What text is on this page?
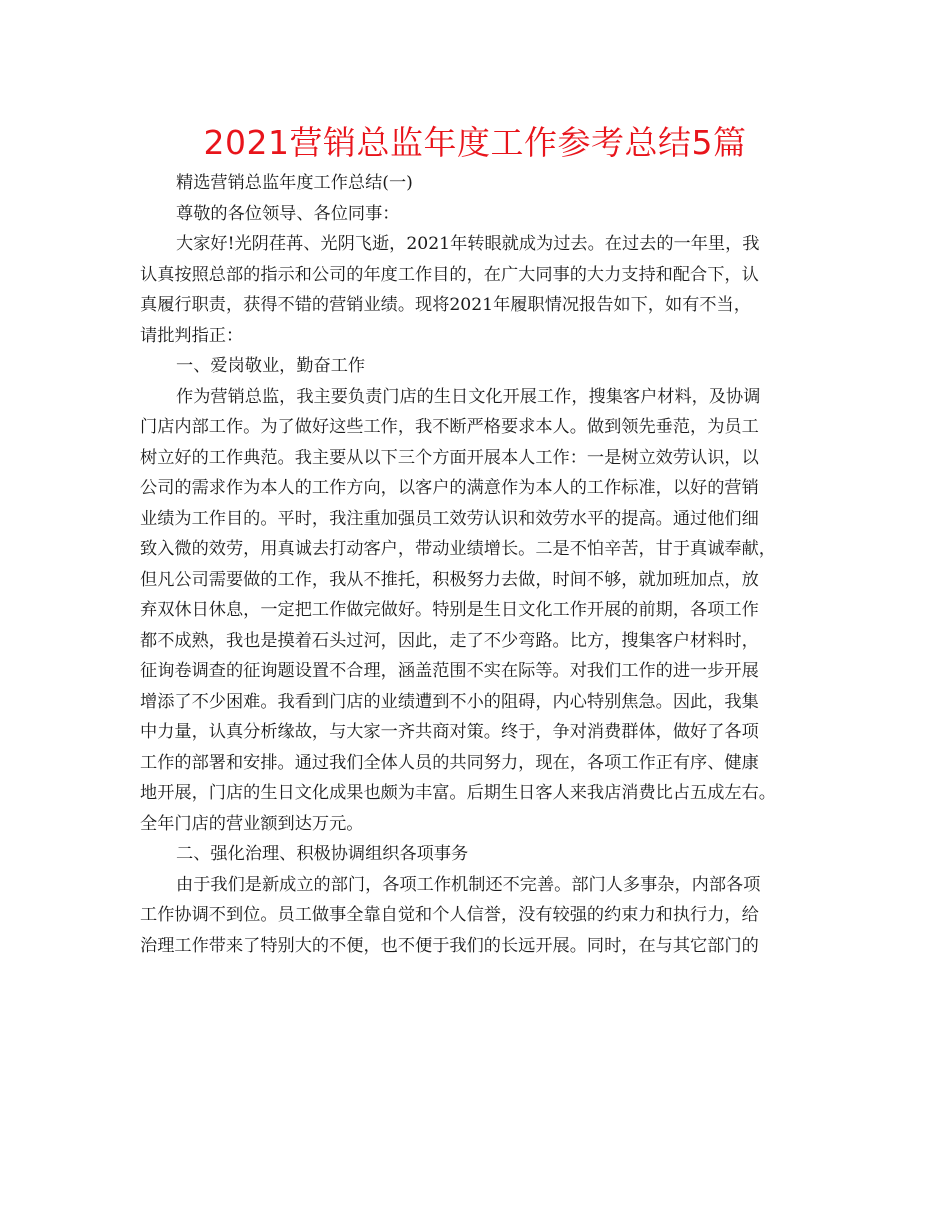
2021营销总监年度工作参考总结5篇

精选营销总监年度工作总结(一)

尊敬的各位领导、各位同事：

大家好!光阴荏苒、光阴飞逝，2021年转眼就成为过去。在过去的一年里，我

认真按照总部的指示和公司的年度工作目的，在广大同事的大力支持和配合下，认

真履行职责，获得不错的营销业绩。现将2021年履职情况报告如下，如有不当，

请批判指正：

一、爱岗敬业，勤奋工作

作为营销总监，我主要负责门店的生日文化开展工作，搜集客户材料，及协调

门店内部工作。为了做好这些工作，我不断严格要求本人。做到领先垂范，为员工

树立好的工作典范。我主要从以下三个方面开展本人工作：一是树立效劳认识，以

公司的需求作为本人的工作方向，以客户的满意作为本人的工作标准，以好的营销

业绩为工作目的。平时，我注重加强员工效劳认识和效劳水平的提高。通过他们细

致入微的效劳，用真诚去打动客户，带动业绩增长。二是不怕辛苦，甘于真诚奉献，

但凡公司需要做的工作，我从不推托，积极努力去做，时间不够，就加班加点，放

弃双休日休息，一定把工作做完做好。特别是生日文化工作开展的前期，各项工作

都不成熟，我也是摸着石头过河，因此，走了不少弯路。比方，搜集客户材料时，

征询卷调查的征询题设置不合理，涵盖范围不实在际等。对我们工作的进一步开展

增添了不少困难。我看到门店的业绩遭到不小的阻碍，内心特别焦急。因此，我集

中力量，认真分析缘故，与大家一齐共商对策。终于，争对消费群体，做好了各项

工作的部署和安排。通过我们全体人员的共同努力，现在，各项工作正有序、健康

地开展，门店的生日文化成果也颇为丰富。后期生日客人来我店消费比占五成左右。

全年门店的营业额到达万元。

二、强化治理、积极协调组织各项事务

由于我们是新成立的部门，各项工作机制还不完善。部门人多事杂，内部各项

工作协调不到位。员工做事全靠自觉和个人信誉，没有较强的约束力和执行力，给

治理工作带来了特别大的不便，也不便于我们的长远开展。同时，在与其它部门的
